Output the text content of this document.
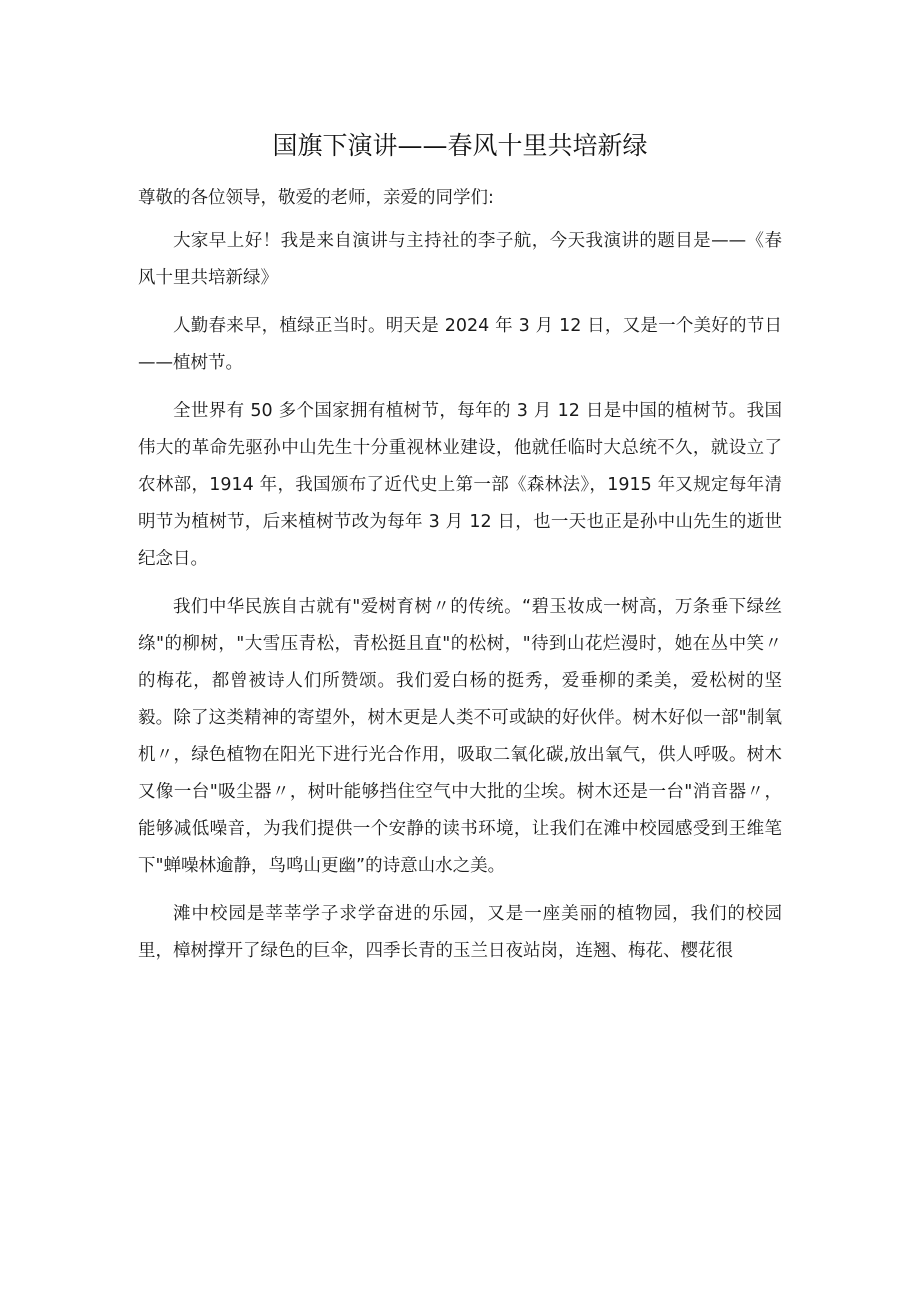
国旗下演讲——春风十里共培新绿

尊敬的各位领导，敬爱的老师，亲爱的同学们:

大家早上好！我是来自演讲与主持社的李子航，今天我演讲的题目是——《春风十里共培新绿》

人勤春来早，植绿正当时。明天是 2024 年 3 月 12 日，又是一个美好的节日——植树节。

全世界有 50 多个国家拥有植树节，每年的 3 月 12 日是中国的植树节。我国伟大的革命先驱孙中山先生十分重视林业建设，他就任临时大总统不久，就设立了农林部，1914 年，我国颁布了近代史上第一部《森林法》，1915 年又规定每年清明节为植树节，后来植树节改为每年 3 月 12 日，也一天也正是孙中山先生的逝世纪念日。

我们中华民族自古就有"爱树育树〃的传统。“碧玉妆成一树高，万条垂下绿丝绦"的柳树，"大雪压青松，青松挺且直"的松树，"待到山花烂漫时，她在丛中笑〃的梅花，都曾被诗人们所赞颂。我们爱白杨的挺秀，爱垂柳的柔美，爱松树的坚毅。除了这类精神的寄望外，树木更是人类不可或缺的好伙伴。树木好似一部"制氧机〃，绿色植物在阳光下进行光合作用，吸取二氧化碳,放出氧气，供人呼吸。树木又像一台"吸尘器〃，树叶能够挡住空气中大批的尘埃。树木还是一台"消音器〃，能够减低噪音，为我们提供一个安静的读书环境，让我们在滩中校园感受到王维笔下"蝉噪林逾静，鸟鸣山更幽”的诗意山水之美。

滩中校园是莘莘学子求学奋进的乐园，又是一座美丽的植物园，我们的校园里，樟树撑开了绿色的巨伞，四季长青的玉兰日夜站岗，连翘、梅花、樱花很
